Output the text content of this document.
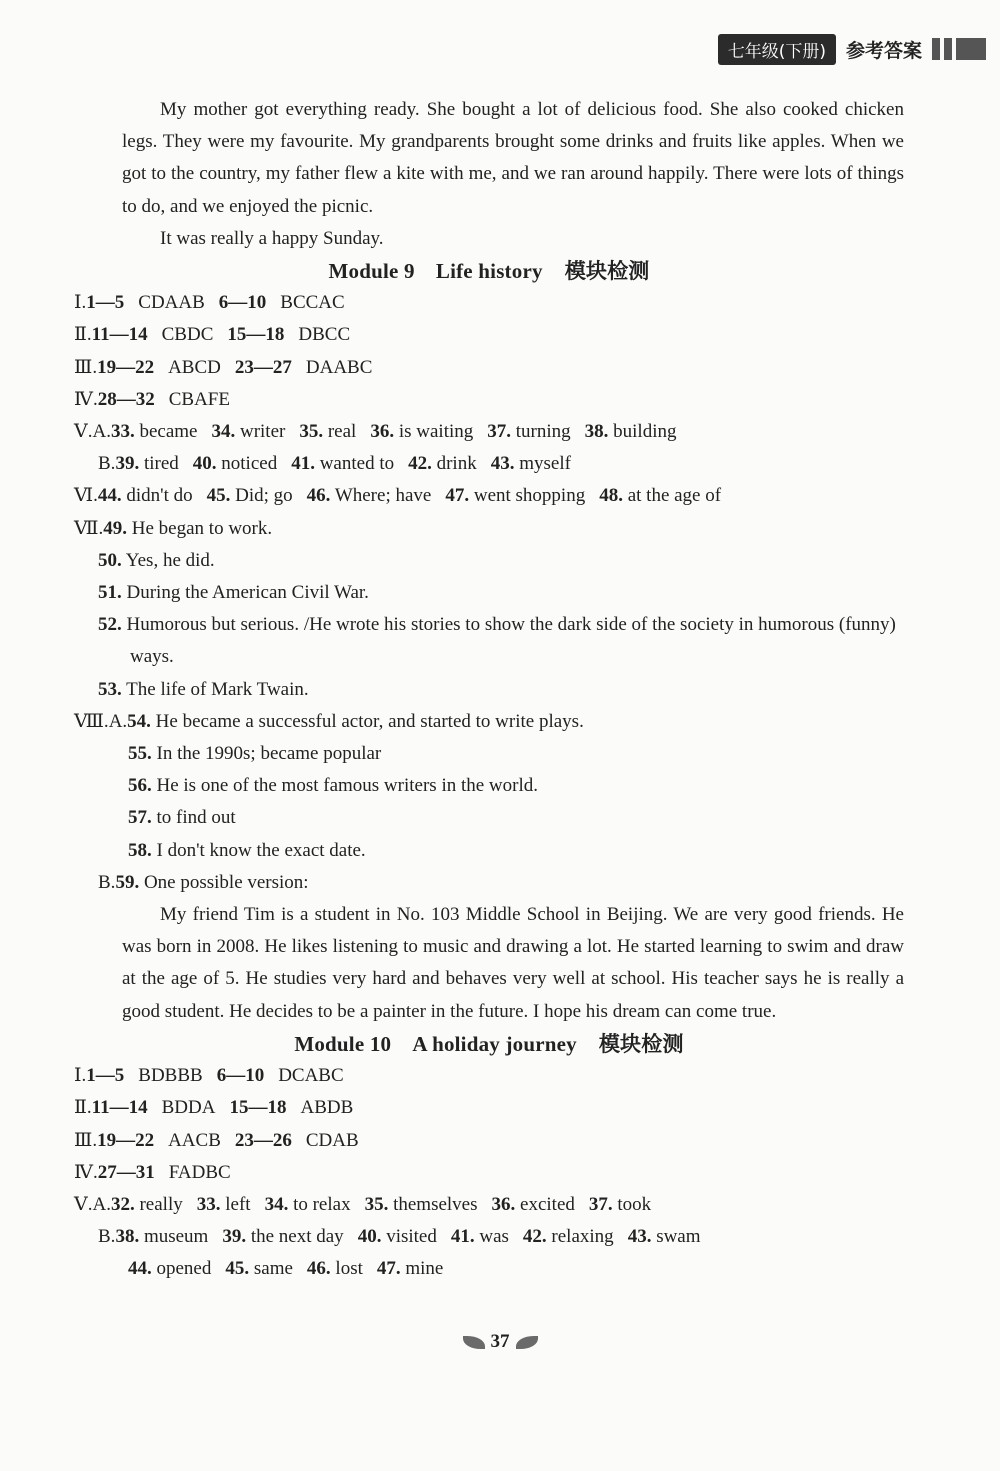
七年级(下册)	参考答案

My mother got everything ready. She bought a lot of delicious food. She also cooked chicken legs. They were my favourite. My grandparents brought some drinks and fruits like apples. When we got to the country, my father flew a kite with me, and we ran around happily. There were lots of things to do, and we enjoyed the picnic.

It was really a happy Sunday.

Module 9　Life history 模块检测

Ⅰ.1—5 CDAAB 6—10 BCCAC
Ⅱ.11—14 CBDC 15—18 DBCC
Ⅲ.19—22 ABCD 23—27 DAABC
Ⅳ.28—32 CBAFE
Ⅴ.A.33. became 34. writer 35. real 36. is waiting 37. turning 38. building
B.39. tired 40. noticed 41. wanted to 42. drink 43. myself
Ⅵ.44. didn't do 45. Did; go 46. Where; have 47. went shopping 48. at the age of
Ⅶ.49. He began to work.
50. Yes, he did.
51. During the American Civil War.
52. Humorous but serious. /He wrote his stories to show the dark side of the society in humorous (funny) ways.
53. The life of Mark Twain.
Ⅷ.A.54. He became a successful actor, and started to write plays.
55. In the 1990s; became popular
56. He is one of the most famous writers in the world.
57. to find out
58. I don't know the exact date.
B.59. One possible version:

My friend Tim is a student in No. 103 Middle School in Beijing. We are very good friends. He was born in 2008. He likes listening to music and drawing a lot. He started learning to swim and draw at the age of 5. He studies very hard and behaves very well at school. His teacher says he is really a good student. He decides to be a painter in the future. I hope his dream can come true.

Module 10　A holiday journey 模块检测

Ⅰ.1—5 BDBBB 6—10 DCABC
Ⅱ.11—14 BDDA 15—18 ABDB
Ⅲ.19—22 AACB 23—26 CDAB
Ⅳ.27—31 FADBC
Ⅴ.A.32. really 33. left 34. to relax 35. themselves 36. excited 37. took
B.38. museum 39. the next day 40. visited 41. was 42. relaxing 43. swam
44. opened 45. same 46. lost 47. mine
37
